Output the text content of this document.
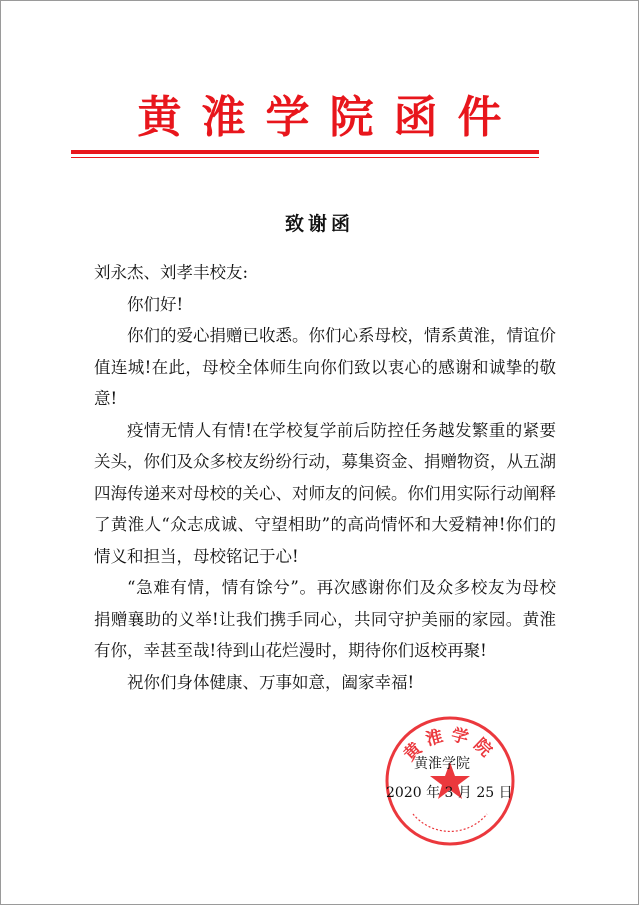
黄淮学院函件
致谢函
刘永杰、刘孝丰校友:

你们好!

你们的爱心捐赠已收悉。你们心系母校，情系黄淮，情谊价值连城!在此，母校全体师生向你们致以衷心的感谢和诚挚的敬意!

疫情无情人有情!在学校复学前后防控任务越发繁重的紧要关头，你们及众多校友纷纷行动，募集资金、捐赠物资，从五湖四海传递来对母校的关心、对师友的问候。你们用实际行动阐释了黄淮人“众志成诚、守望相助”的高尚情怀和大爱精神!你们的情义和担当，母校铭记于心!

“急难有情，情有馀兮”。再次感谢你们及众多校友为母校捐赠襄助的义举!让我们携手同心，共同守护美丽的家园。黄淮有你，幸甚至哉!待到山花烂漫时，期待你们返校再聚!

祝你们身体健康、万事如意，阖家幸福!

黄淮学院
黄淮学院
2020 年 3 月 25 日
